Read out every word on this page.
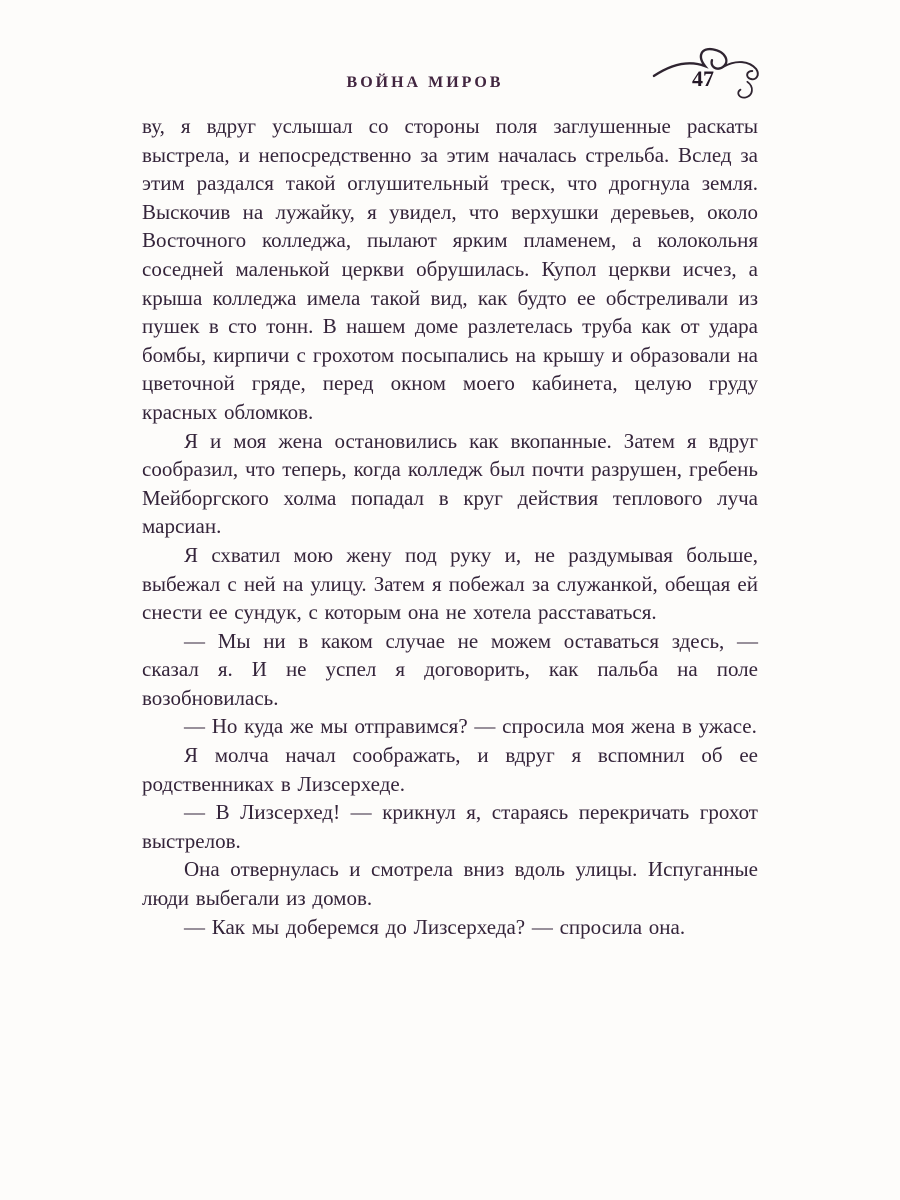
ВОЙНА МИРОВ	47

ву, я вдруг услышал со стороны поля заглушенные раскаты выстрела, и непосредственно за этим началась стрельба. Вслед за этим раздался такой оглушительный треск, что дрогнула земля. Выскочив на лужайку, я увидел, что верхушки деревьев, около Восточного колледжа, пылают ярким пламенем, а колокольня соседней маленькой церкви обрушилась. Купол церкви исчез, а крыша колледжа имела такой вид, как будто ее обстреливали из пушек в сто тонн. В нашем доме разлетелась труба как от удара бомбы, кирпичи с грохотом посыпались на крышу и образовали на цветочной гряде, перед окном моего кабинета, целую груду красных обломков.

Я и моя жена остановились как вкопанные. Затем я вдруг сообразил, что теперь, когда колледж был почти разрушен, гребень Мейборгского холма попадал в круг действия теплового луча марсиан.

Я схватил мою жену под руку и, не раздумывая больше, выбежал с ней на улицу. Затем я побежал за служанкой, обещая ей снести ее сундук, с которым она не хотела расставаться.

— Мы ни в каком случае не можем оставаться здесь, — сказал я. И не успел я договорить, как пальба на поле возобновилась.

— Но куда же мы отправимся? — спросила моя жена в ужасе.

Я молча начал соображать, и вдруг я вспомнил об ее родственниках в Лизсерхеде.

— В Лизсерхед! — крикнул я, стараясь перекричать грохот выстрелов.

Она отвернулась и смотрела вниз вдоль улицы. Испуганные люди выбегали из домов.

— Как мы доберемся до Лизсерхеда? — спросила она.
